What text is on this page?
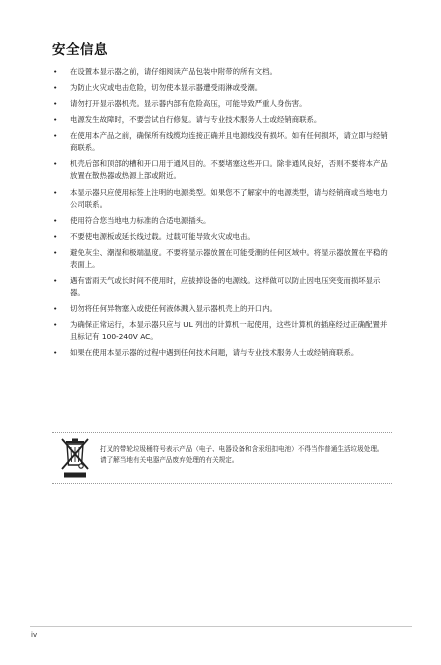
安全信息
• 在设置本显示器之前，请仔细阅读产品包装中附带的所有文档。
• 为防止火灾或电击危险，切勿使本显示器遭受雨淋或受潮。
• 请勿打开显示器机壳。显示器内部有危险高压，可能导致严重人身伤害。
• 电源发生故障时，不要尝试自行修复。请与专业技术服务人士或经销商联系。
• 在使用本产品之前，确保所有线缆均连接正确并且电源线没有损坏。如有任何损坏，请立即与经销商联系。
• 机壳后部和顶部的槽和开口用于通风目的。不要堵塞这些开口。除非通风良好，否则不要将本产品放置在散热器或热源上部或附近。
• 本显示器只应使用标签上注明的电源类型。如果您不了解家中的电源类型，请与经销商或当地电力公司联系。
• 使用符合您当地电力标准的合适电源插头。
• 不要使电源板或延长线过载。过载可能导致火灾或电击。
• 避免灰尘、潮湿和极端温度。不要将显示器放置在可能受潮的任何区域中。将显示器放置在平稳的表面上。
• 遇有雷雨天气或长时间不使用时，应拔掉设备的电源线。这样做可以防止因电压突变而损坏显示器。
• 切勿将任何异物塞入或使任何液体溅入显示器机壳上的开口内。
• 为确保正常运行，本显示器只应与 UL 列出的计算机一起使用，这些计算机的插座经过正确配置并且标记有 100-240V AC。
• 如果在使用本显示器的过程中遇到任何技术问题，请与专业技术服务人士或经销商联系。
打叉的带轮垃圾桶符号表示产品（电子、电器设备和含汞纽扣电池）不得当作普通生活垃圾处理。请了解当地有关电器产品废弃处理的有关规定。
iv
